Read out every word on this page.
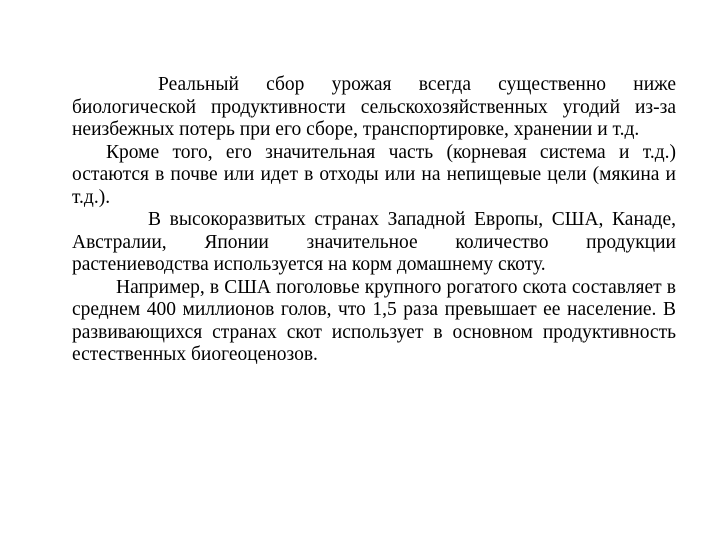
Реальный сбор урожая всегда существенно ниже биологической продуктивности сельскохозяйственных угодий из-за неизбежных потерь при его сборе, транспортировке, хранении и т.д.

Кроме того, его значительная часть (корневая система и т.д.) остаются в почве или идет в отходы или на непищевые цели (мякина и т.д.).

В высокоразвитых странах Западной Европы, США, Канаде, Австралии, Японии значительное количество продукции растениеводства используется на корм домашнему скоту.

Например, в США поголовье крупного рогатого скота составляет в среднем 400 миллионов голов, что 1,5 раза превышает ее население. В развивающихся странах скот использует в основном продуктивность естественных биогеоценозов.
